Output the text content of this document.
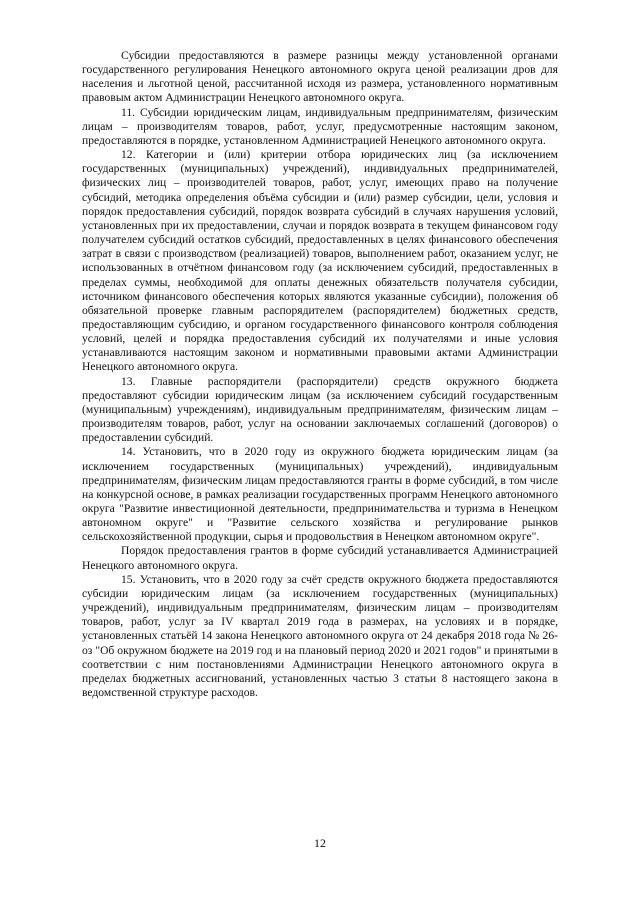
Субсидии предоставляются в размере разницы между установленной органами государственного регулирования Ненецкого автономного округа ценой реализации дров для населения и льготной ценой, рассчитанной исходя из размера, установленного нормативным правовым актом Администрации Ненецкого автономного округа.

11. Субсидии юридическим лицам, индивидуальным предпринимателям, физическим лицам – производителям товаров, работ, услуг, предусмотренные настоящим законом, предоставляются в порядке, установленном Администрацией Ненецкого автономного округа.

12. Категории и (или) критерии отбора юридических лиц (за исключением государственных (муниципальных) учреждений), индивидуальных предпринимателей, физических лиц – производителей товаров, работ, услуг, имеющих право на получение субсидий, методика определения объёма субсидии и (или) размер субсидии, цели, условия и порядок предоставления субсидий, порядок возврата субсидий в случаях нарушения условий, установленных при их предоставлении, случаи и порядок возврата в текущем финансовом году получателем субсидий остатков субсидий, предоставленных в целях финансового обеспечения затрат в связи с производством (реализацией) товаров, выполнением работ, оказанием услуг, не использованных в отчётном финансовом году (за исключением субсидий, предоставленных в пределах суммы, необходимой для оплаты денежных обязательств получателя субсидии, источником финансового обеспечения которых являются указанные субсидии), положения об обязательной проверке главным распорядителем (распорядителем) бюджетных средств, предоставляющим субсидию, и органом государственного финансового контроля соблюдения условий, целей и порядка предоставления субсидий их получателями и иные условия устанавливаются настоящим законом и нормативными правовыми актами Администрации Ненецкого автономного округа.

13. Главные распорядители (распорядители) средств окружного бюджета предоставляют субсидии юридическим лицам (за исключением субсидий государственным (муниципальным) учреждениям), индивидуальным предпринимателям, физическим лицам – производителям товаров, работ, услуг на основании заключаемых соглашений (договоров) о предоставлении субсидий.

14. Установить, что в 2020 году из окружного бюджета юридическим лицам (за исключением государственных (муниципальных) учреждений), индивидуальным предпринимателям, физическим лицам предоставляются гранты в форме субсидий, в том числе на конкурсной основе, в рамках реализации государственных программ Ненецкого автономного округа "Развитие инвестиционной деятельности, предпринимательства и туризма в Ненецком автономном округе" и "Развитие сельского хозяйства и регулирование рынков сельскохозяйственной продукции, сырья и продовольствия в Ненецком автономном округе".

Порядок предоставления грантов в форме субсидий устанавливается Администрацией Ненецкого автономного округа.

15. Установить, что в 2020 году за счёт средств окружного бюджета предоставляются субсидии юридическим лицам (за исключением государственных (муниципальных) учреждений), индивидуальным предпринимателям, физическим лицам – производителям товаров, работ, услуг за IV квартал 2019 года в размерах, на условиях и в порядке, установленных статьёй 14 закона Ненецкого автономного округа от 24 декабря 2018 года № 26-оз "Об окружном бюджете на 2019 год и на плановый период 2020 и 2021 годов" и принятыми в соответствии с ним постановлениями Администрации Ненецкого автономного округа в пределах бюджетных ассигнований, установленных частью 3 статьи 8 настоящего закона в ведомственной структуре расходов.

12
